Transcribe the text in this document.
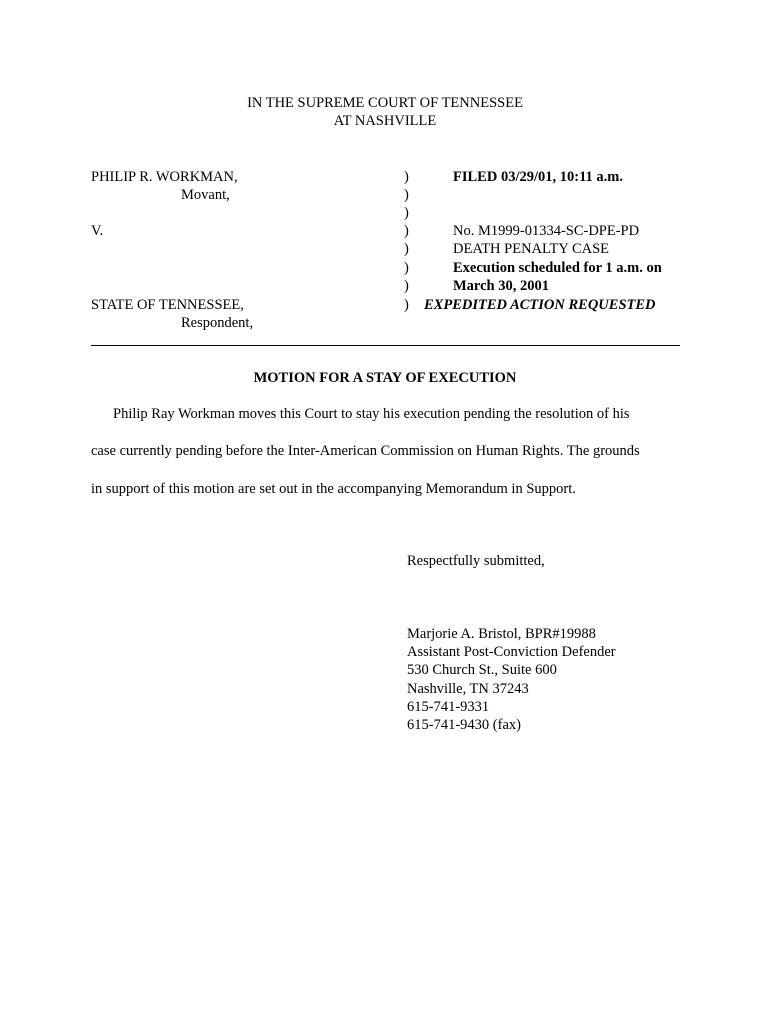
IN THE SUPREME COURT OF TENNESSEE
AT NASHVILLE
PHILIP R. WORKMAN,
Movant,
V.
STATE OF TENNESSEE,
Respondent,
)
)
)
)
)
)
)
)
FILED 03/29/01, 10:11 a.m.
No. M1999-01334-SC-DPE-PD
DEATH PENALTY CASE
Execution scheduled for 1 a.m. on
March 30, 2001
EXPEDITED ACTION REQUESTED
MOTION FOR A STAY OF EXECUTION
Philip Ray Workman moves this Court to stay his execution pending the resolution of his
case currently pending before the Inter-American Commission on Human Rights. The grounds
in support of this motion are set out in the accompanying Memorandum in Support.
Respectfully submitted,
Marjorie A. Bristol, BPR#19988
Assistant Post-Conviction Defender
530 Church St., Suite 600
Nashville, TN 37243
615-741-9331
615-741-9430 (fax)
